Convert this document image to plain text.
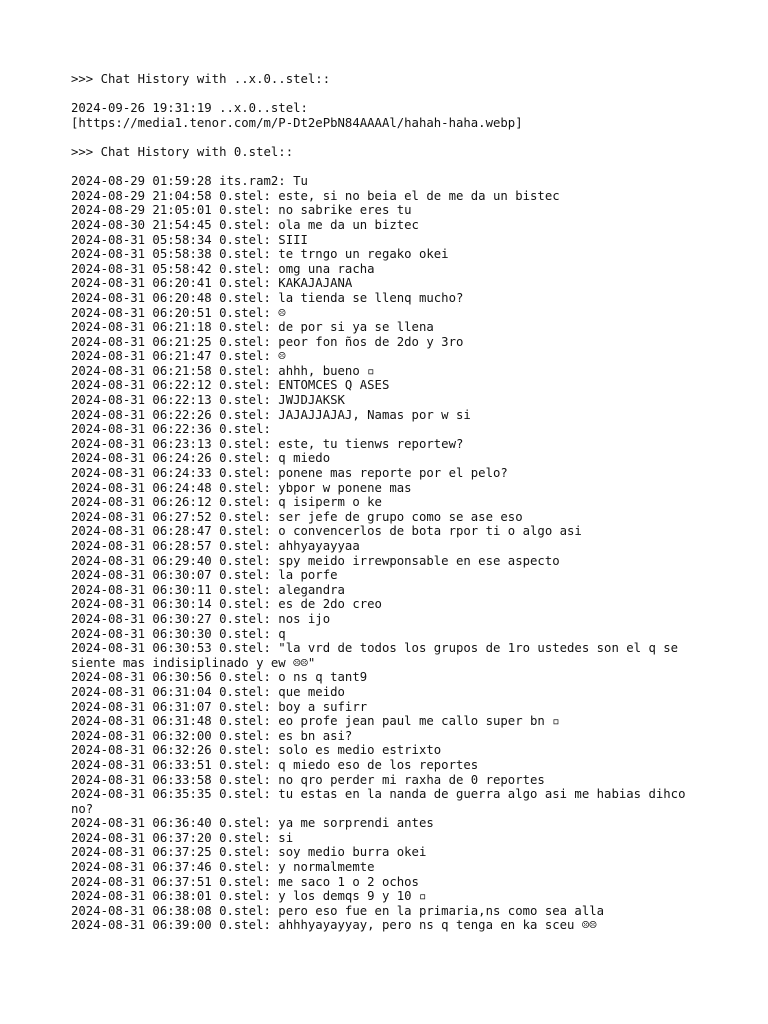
>>> Chat History with ..x.0..stel::
2024-09-26 19:31:19 ..x.0..stel:
[https://media1.tenor.com/m/P-Dt2ePbN84AAAAl/hahah-haha.webp]
>>> Chat History with 0.stel::
2024-08-29 01:59:28 its.ram2: Tu
2024-08-29 21:04:58 0.stel: este, si no beia el de me da un bistec
2024-08-29 21:05:01 0.stel: no sabrike eres tu
2024-08-30 21:54:45 0.stel: ola me da un biztec
2024-08-31 05:58:34 0.stel: SIII
2024-08-31 05:58:38 0.stel: te trngo un regako okei
2024-08-31 05:58:42 0.stel: omg una racha
2024-08-31 06:20:41 0.stel: KAKAJAJANA
2024-08-31 06:20:48 0.stel: la tienda se llenq mucho?
2024-08-31 06:20:51 0.stel: ☹
2024-08-31 06:21:18 0.stel: de por si ya se llena
2024-08-31 06:21:25 0.stel: peor fon ños de 2do y 3ro
2024-08-31 06:21:47 0.stel: ☹
2024-08-31 06:21:58 0.stel: ahhh, bueno ▫
2024-08-31 06:22:12 0.stel: ENTOMCES Q ASES
2024-08-31 06:22:13 0.stel: JWJDJAKSK
2024-08-31 06:22:26 0.stel: JAJAJJAJAJ, Namas por w si
2024-08-31 06:22:36 0.stel:
2024-08-31 06:23:13 0.stel: este, tu tienws reportew?
2024-08-31 06:24:26 0.stel: q miedo
2024-08-31 06:24:33 0.stel: ponene mas reporte por el pelo?
2024-08-31 06:24:48 0.stel: ybpor w ponene mas
2024-08-31 06:26:12 0.stel: q isiperm o ke
2024-08-31 06:27:52 0.stel: ser jefe de grupo como se ase eso
2024-08-31 06:28:47 0.stel: o convencerlos de bota rpor ti o algo asi
2024-08-31 06:28:57 0.stel: ahhyayayyaa
2024-08-31 06:29:40 0.stel: spy meido irrewponsable en ese aspecto
2024-08-31 06:30:07 0.stel: la porfe
2024-08-31 06:30:11 0.stel: alegandra
2024-08-31 06:30:14 0.stel: es de 2do creo
2024-08-31 06:30:27 0.stel: nos ijo
2024-08-31 06:30:30 0.stel: q
2024-08-31 06:30:53 0.stel: "la vrd de todos los grupos de 1ro ustedes son el q se siente mas indisiplinado y ew ☹☹"
2024-08-31 06:30:56 0.stel: o ns q tant9
2024-08-31 06:31:04 0.stel: que meido
2024-08-31 06:31:07 0.stel: boy a sufirr
2024-08-31 06:31:48 0.stel: eo profe jean paul me callo super bn ▫
2024-08-31 06:32:00 0.stel: es bn asi?
2024-08-31 06:32:26 0.stel: solo es medio estrixto
2024-08-31 06:33:51 0.stel: q miedo eso de los reportes
2024-08-31 06:33:58 0.stel: no qro perder mi raxha de 0 reportes
2024-08-31 06:35:35 0.stel: tu estas en la nanda de guerra algo asi me habias dihco no?
2024-08-31 06:36:40 0.stel: ya me sorprendi antes
2024-08-31 06:37:20 0.stel: si
2024-08-31 06:37:25 0.stel: soy medio burra okei
2024-08-31 06:37:46 0.stel: y normalmemte
2024-08-31 06:37:51 0.stel: me saco 1 o 2 ochos
2024-08-31 06:38:01 0.stel: y los demqs 9 y 10 ▫
2024-08-31 06:38:08 0.stel: pero eso fue en la primaria,ns como sea alla
2024-08-31 06:39:00 0.stel: ahhhyayayyay, pero ns q tenga en ka sceu ☹☹
